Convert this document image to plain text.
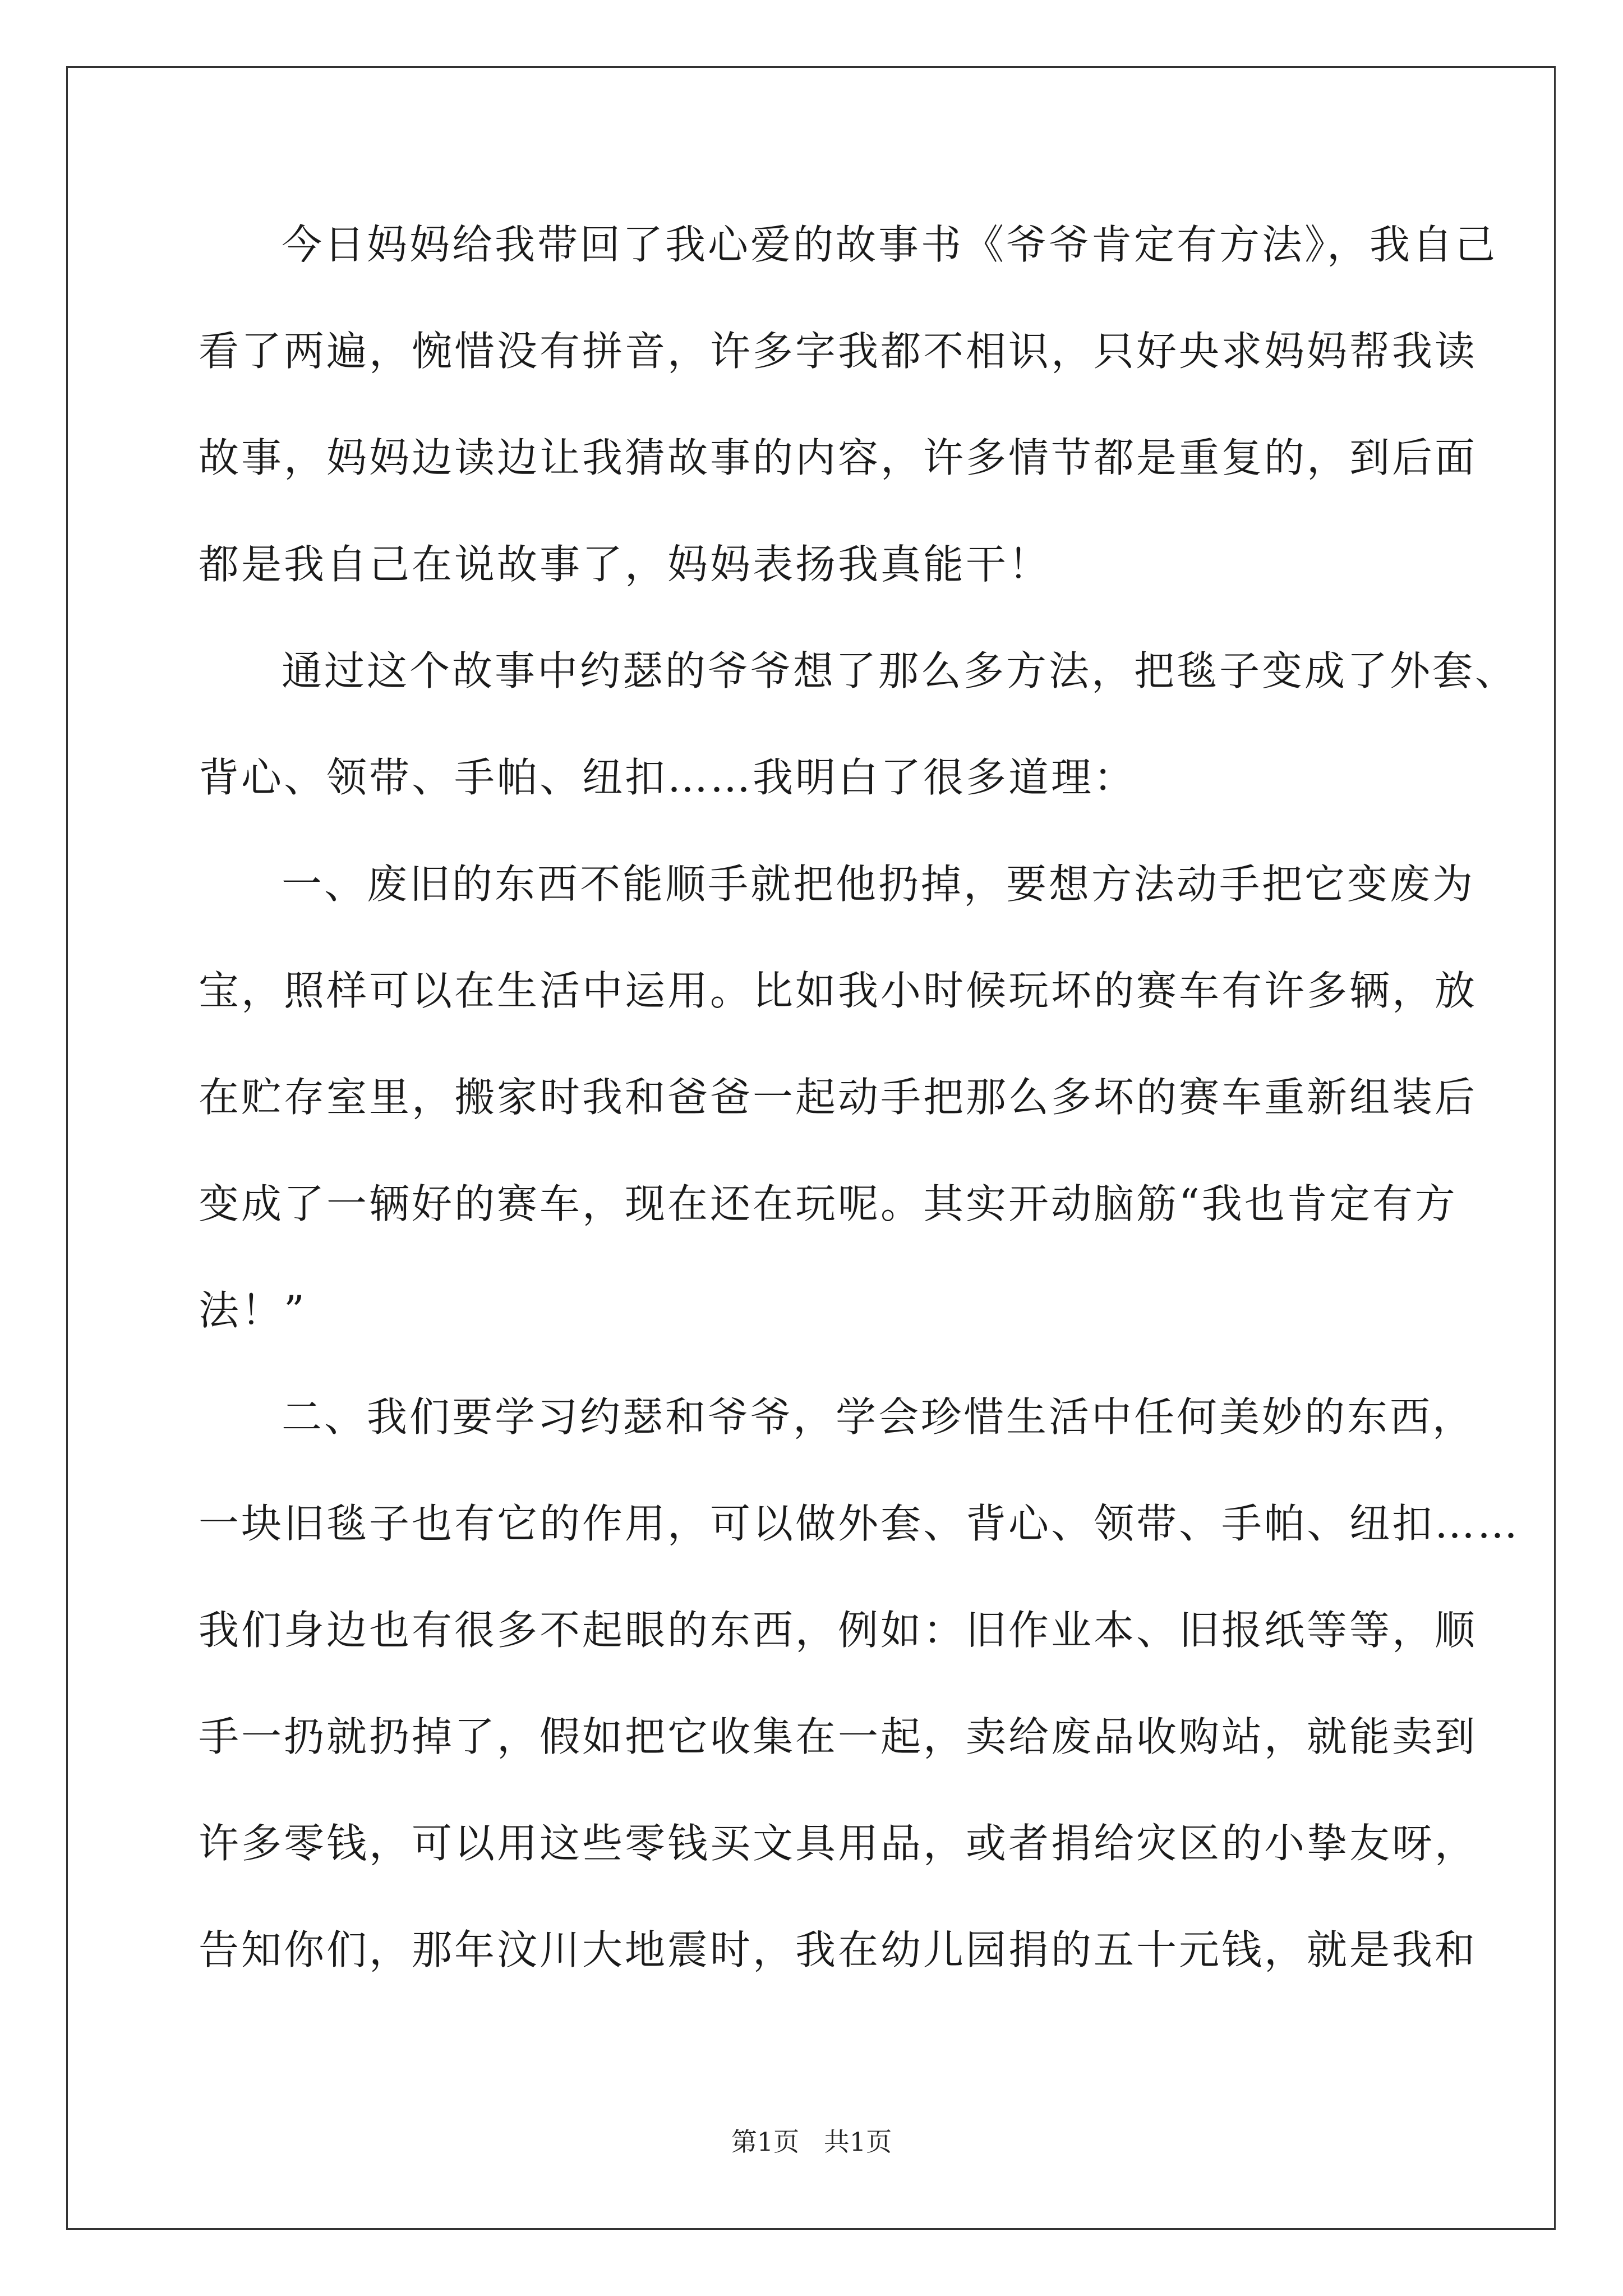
今日妈妈给我带回了我心爱的故事书《爷爷肯定有方法》，我自己
看了两遍，惋惜没有拼音，许多字我都不相识，只好央求妈妈帮我读
故事，妈妈边读边让我猜故事的内容，许多情节都是重复的，到后面
都是我自己在说故事了，妈妈表扬我真能干！
通过这个故事中约瑟的爷爷想了那么多方法，把毯子变成了外套、
背心、领带、手帕、纽扣……我明白了很多道理：
一、废旧的东西不能顺手就把他扔掉，要想方法动手把它变废为
宝，照样可以在生活中运用。比如我小时候玩坏的赛车有许多辆，放
在贮存室里，搬家时我和爸爸一起动手把那么多坏的赛车重新组装后
变成了一辆好的赛车，现在还在玩呢。其实开动脑筋“我也肯定有方
法！”
二、我们要学习约瑟和爷爷，学会珍惜生活中任何美妙的东西，
一块旧毯子也有它的作用，可以做外套、背心、领带、手帕、纽扣……
我们身边也有很多不起眼的东西，例如：旧作业本、旧报纸等等，顺
手一扔就扔掉了，假如把它收集在一起，卖给废品收购站，就能卖到
许多零钱，可以用这些零钱买文具用品，或者捐给灾区的小挚友呀，
告知你们，那年汶川大地震时，我在幼儿园捐的五十元钱，就是我和
第1页   共1页
